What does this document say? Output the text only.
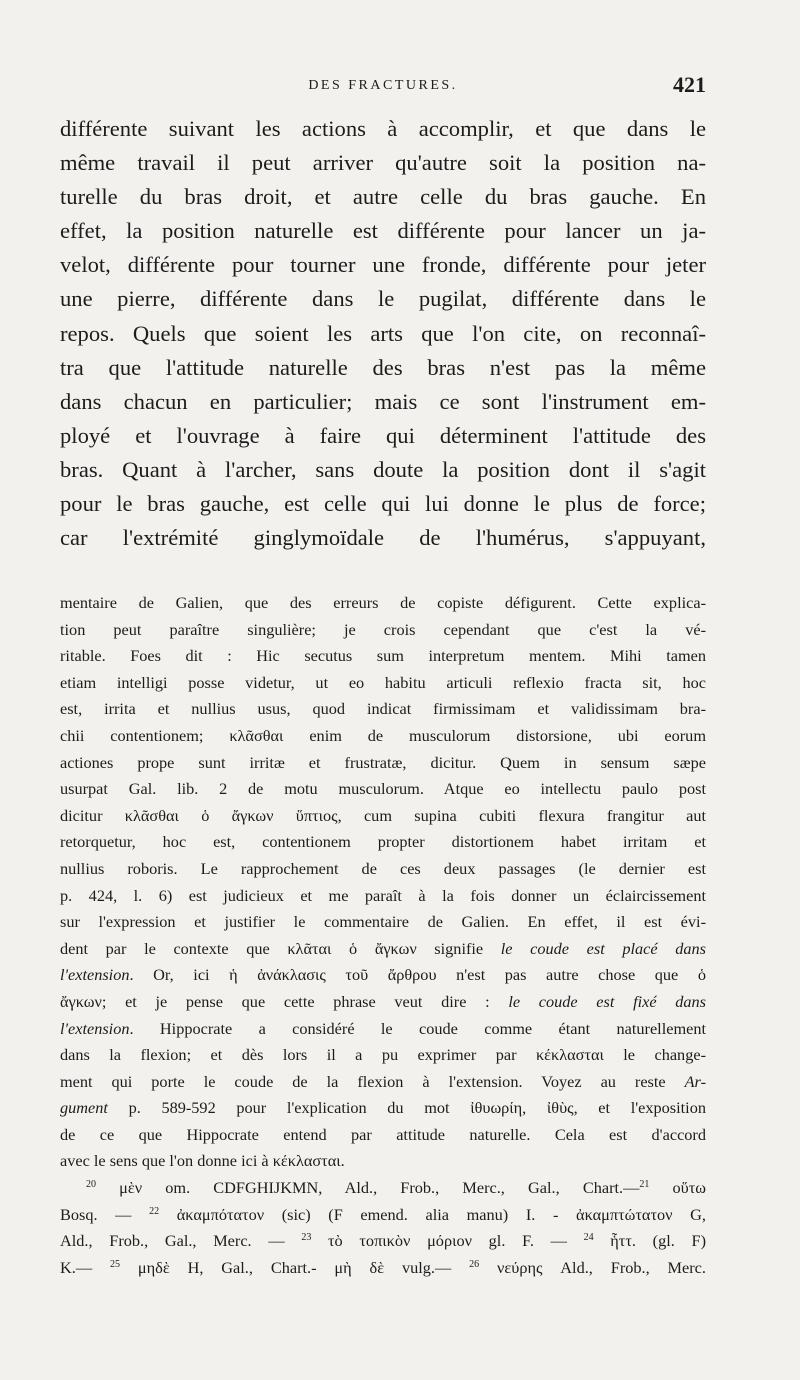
DES FRACTURES.	421
différente suivant les actions à accomplir, et que dans le
même travail il peut arriver qu'autre soit la position na-
turelle du bras droit, et autre celle du bras gauche. En
effet, la position naturelle est différente pour lancer un ja-
velot, différente pour tourner une fronde, différente pour jeter
une pierre, différente dans le pugilat, différente dans le
repos. Quels que soient les arts que l'on cite, on reconnaî-
tra que l'attitude naturelle des bras n'est pas la même
dans chacun en particulier; mais ce sont l'instrument em-
ployé et l'ouvrage à faire qui déterminent l'attitude des
bras. Quant à l'archer, sans doute la position dont il s'agit
pour le bras gauche, est celle qui lui donne le plus de force;
car l'extrémité ginglymoïdale de l'humérus, s'appuyant,
mentaire de Galien, que des erreurs de copiste défigurent. Cette explica-
tion peut paraître singulière; je crois cependant que c'est la vé-
ritable. Foes dit : Hic secutus sum interpretum mentem. Mihi tamen
etiam intelligi posse videtur, ut eo habitu articuli reflexio fracta sit, hoc
est, irrita et nullius usus, quod indicat firmissimam et validissimam bra-
chii contentionem; κλᾶσθαι enim de musculorum distorsione, ubi eorum
actiones prope sunt irritæ et frustratæ, dicitur. Quem in sensum sæpe
usurpat Gal. lib. 2 de motu musculorum. Atque eo intellectu paulo post
dicitur κλᾶσθαι ὁ ἄγκων ὕπτιος, cum supina cubiti flexura frangitur aut
retorquetur, hoc est, contentionem propter distortionem habet irritam et
nullius roboris. Le rapprochement de ces deux passages (le dernier est
p. 424, l. 6) est judicieux et me paraît à la fois donner un éclaircissement
sur l'expression et justifier le commentaire de Galien. En effet, il est évi-
dent par le contexte que κλᾶται ὁ ἄγκων signifie le coude est placé dans
l'extension. Or, ici ἡ ἀνάκλασις τοῦ ἄρθρου n'est pas autre chose que ὁ
ἄγκων; et je pense que cette phrase veut dire : le coude est fixé dans
l'extension. Hippocrate a considéré le coude comme étant naturellement
dans la flexion; et dès lors il a pu exprimer par κέκλασται le change-
ment qui porte le coude de la flexion à l'extension. Voyez au reste Ar-
gument p. 589-592 pour l'explication du mot ἰθυωρίη, ἰθὺς, et l'exposition
de ce que Hippocrate entend par attitude naturelle. Cela est d'accord
avec le sens que l'on donne ici à κέκλασται.
$^{20}$ μὲν om. CDFGHIJKMN, Ald., Frob., Merc., Gal., Chart.—$^{21}$ οὕτω
Bosq. — $^{22}$ ἀκαμπότατον (sic) (F emend. alia manu) I. - ἀκαμπτώτατον G,
Ald., Frob., Gal., Merc. — $^{23}$ τὸ τοπικὸν μόριον gl. F. — $^{24}$ ἧττ. (gl. F)
K.— $^{25}$ μηδὲ H, Gal., Chart.- μὴ δὲ vulg.— $^{26}$ νεύρης Ald., Frob., Merc.
